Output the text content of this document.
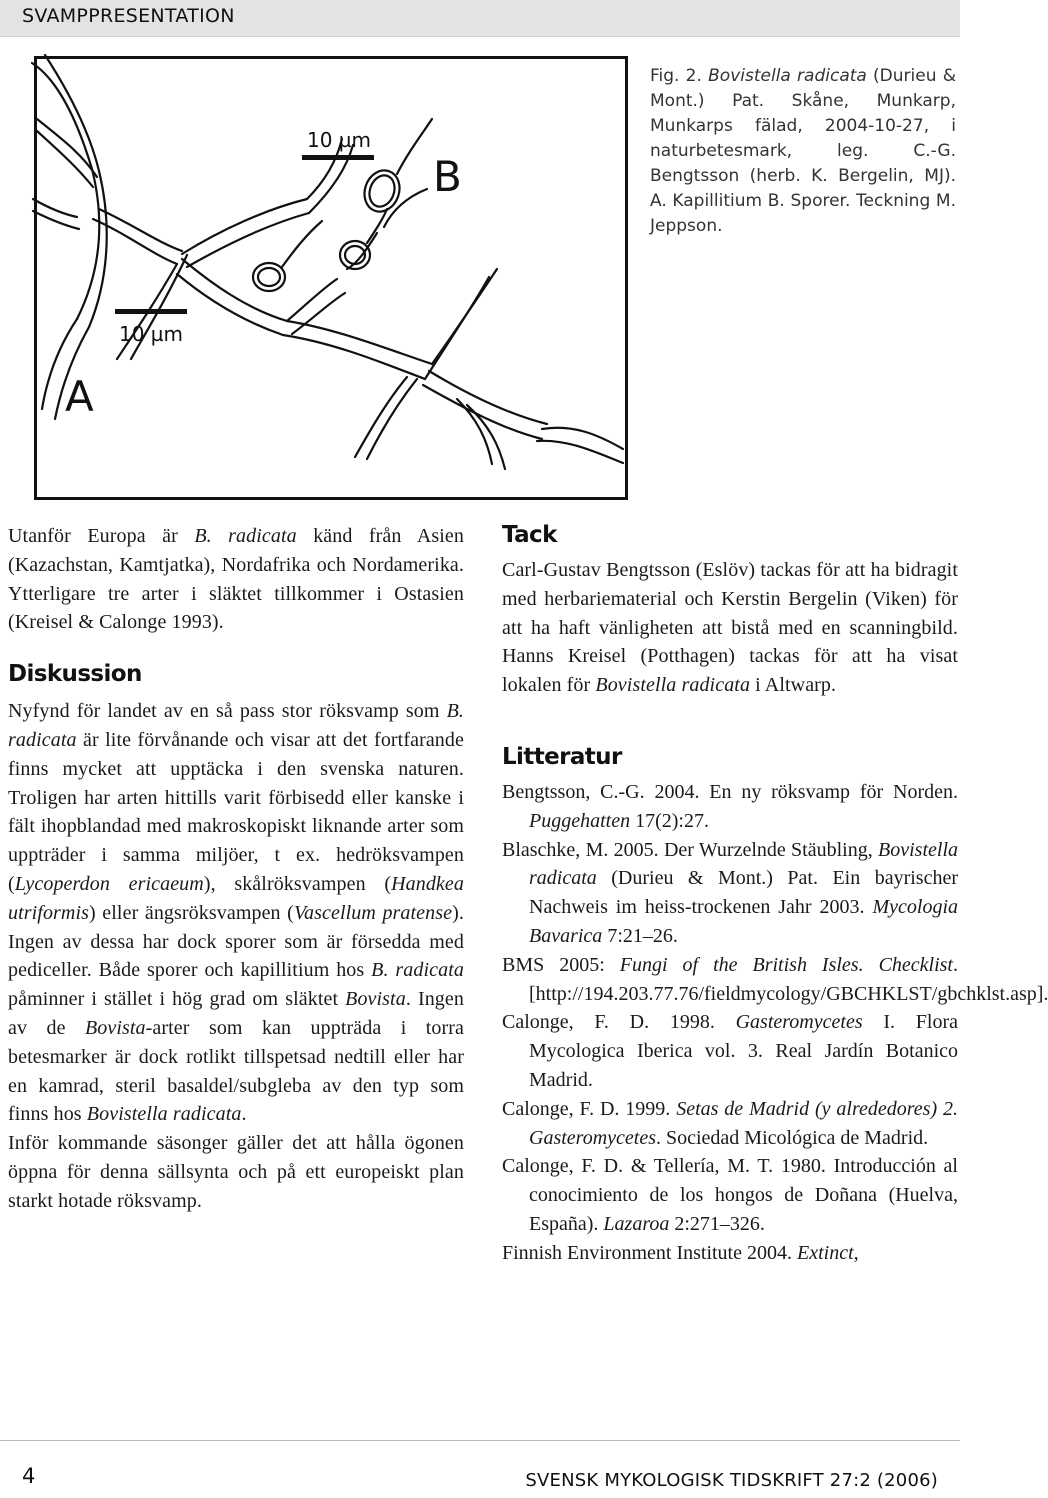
SVAMPPRESENTATION
10 µm
10 µm
B
A

Fig. 2. Bovistella radicata (Durieu & Mont.) Pat. Skåne, Munkarp, Munkarps fälad, 2004-10-27, i naturbetesmark, leg. C.-G. Bengtsson (herb. K. Bergelin, MJ). A. Kapillitium B. Sporer. Teckning M. Jeppson.

Utanför Europa är B. radicata känd från Asien (Kazachstan, Kamtjatka), Nordafrika och Nordamerika. Ytterligare tre arter i släktet tillkommer i Ostasien (Kreisel & Calonge 1993).

Diskussion

Nyfynd för landet av en så pass stor röksvamp som B. radicata är lite förvånande och visar att det fortfarande finns mycket att upptäcka i den svenska naturen. Troligen har arten hittills varit förbisedd eller kanske i fält ihopblandad med makroskopiskt liknande arter som uppträder i samma miljöer, t ex. hedröksvampen (Lycoperdon ericaeum), skålröksvampen (Handkea utriformis) eller ängsröksvampen (Vascellum pratense). Ingen av dessa har dock sporer som är försedda med pediceller. Både sporer och kapillitium hos B. radicata påminner i stället i hög grad om släktet Bovista. Ingen av de Bovista-arter som kan uppträda i torra betesmarker är dock rotlikt tillspetsad nedtill eller har en kamrad, steril basaldel/subgleba av den typ som finns hos Bovistella radicata.

Inför kommande säsonger gäller det att hålla ögonen öppna för denna sällsynta och på ett europeiskt plan starkt hotade röksvamp.

Tack

Carl-Gustav Bengtsson (Eslöv) tackas för att ha bidragit med herbariematerial och Kerstin Bergelin (Viken) för att ha haft vänligheten att bistå med en scanningbild. Hanns Kreisel (Potthagen) tackas för att ha visat lokalen för Bovistella radicata i Altwarp.

Litteratur

Bengtsson, C.-G. 2004. En ny röksvamp för Norden. Puggehatten 17(2):27.

Blaschke, M. 2005. Der Wurzelnde Stäubling, Bovistella radicata (Durieu & Mont.) Pat. Ein bayrischer Nachweis im heiss-trockenen Jahr 2003. Mycologia Bavarica 7:21–26.

BMS 2005: Fungi of the British Isles. Checklist. [http://194.203.77.76/fieldmycology/GBCHKLST/gbchklst.asp].

Calonge, F. D. 1998. Gasteromycetes I. Flora Mycologica Iberica vol. 3. Real Jardín Botanico Madrid.

Calonge, F. D. 1999. Setas de Madrid (y alrededores) 2. Gasteromycetes. Sociedad Micológica de Madrid.

Calonge, F. D. & Tellería, M. T. 1980. Introducción al conocimiento de los hongos de Doñana (Huelva, España). Lazaroa 2:271–326.

Finnish Environment Institute 2004. Extinct,

4	SVENSK MYKOLOGISK TIDSKRIFT 27:2 (2006)
